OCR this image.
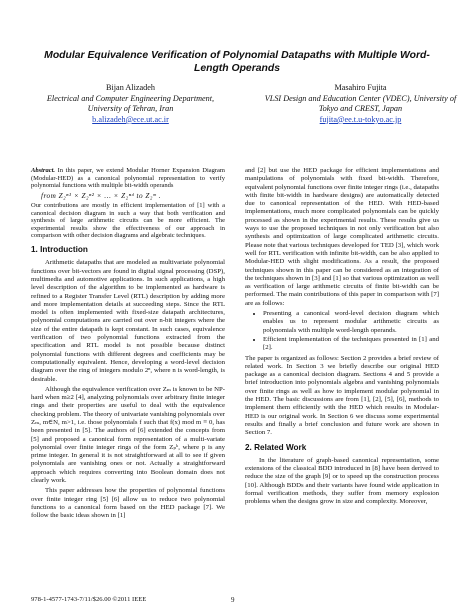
Modular Equivalence Verification of Polynomial Datapaths with Multiple Word-Length Operands
Bijan Alizadeh
Electrical and Computer Engineering Department, University of Tehran, Iran
b.alizadeh@ece.ut.ac.ir
Masahiro Fujita
VLSI Design and Education Center (VDEC), University of Tokyo and CREST, Japan
fujita@ee.t.u-tokyo.ac.jp

Abstract. In this paper, we extend Modular Horner Expansion Diagram (Modular-HED) as a canonical polynomial representation to verify polynomial functions with multiple bit-width operands

from Z₂ⁿ¹ × Z₂ⁿ² × … × Z₂ⁿᵈ to Z₂ᵐ .

Our contributions are mostly in efficient implementation of [1] with a canonical decision diagram in such a way that both verification and synthesis of large arithmetic circuits can be more efficient. The experimental results show the effectiveness of our approach in comparison with other decision diagrams and algebraic techniques.

1. Introduction

Arithmetic datapaths that are modeled as multivariate polynomial functions over bit-vectors are found in digital signal processing (DSP), multimedia and automotive applications. In such applications, a high level description of the algorithm to be implemented as hardware is refined to a Register Transfer Level (RTL) description by adding more and more implementation details at succeeding steps. Since the RTL model is often implemented with fixed-size datapath architectures, polynomial computations are carried out over n-bit integers where the size of the entire datapath is kept constant. In such cases, equivalence verification of two polynomial functions extracted from the specification and RTL model is not possible because distinct polynomial functions with different degrees and coefficients may be computationally equivalent. Hence, developing a word-level decision diagram over the ring of integers modulo 2ⁿ, where n is word-length, is desirable.

Although the equivalence verification over Zₘ is known to be NP-hard when m≥2 [4], analyzing polynomials over arbitrary finite integer rings and their properties are useful to deal with the equivalence checking problem. The theory of univariate vanishing polynomials over Zₘ, m∈N, m>1, i.e. those polynomials f such that f(x) mod m ≡ 0, has been presented in [5]. The authors of [6] extended the concepts from [5] and proposed a canonical form representation of a multi-variate polynomial over finite integer rings of the form Zₚᵏ, where p is any prime integer. In general it is not straightforward at all to see if given polynomials are vanishing ones or not. Actually a straightforward approach which requires converting into Boolean domain does not clearly work.

This paper addresses how the properties of polynomial functions over finite integer ring [5] [6] allow us to reduce two polynomial functions to a canonical form based on the HED package [7]. We follow the basic ideas shown in [1]

and [2] but use the HED package for efficient implementations and manipulations of polynomials with fixed bit-width. Therefore, equivalent polynomial functions over finite integer rings (i.e., datapaths with finite bit-width in hardware designs) are automatically detected due to canonical representation of the HED. With HED-based implementations, much more complicated polynomials can be quickly processed as shown in the experimental results. These results give us ways to use the proposed techniques in not only verification but also synthesis and optimization of large complicated arithmetic circuits. Please note that various techniques developed for TED [3], which work well for RTL verification with infinite bit-width, can be also applied to Modular-HED with slight modifications. As a result, the proposed techniques shown in this paper can be considered as an integration of the techniques shown in [3] and [1] so that various optimization as well as verification of large arithmetic circuits of finite bit-width can be performed. The main contributions of this paper in comparison with [7] are as follows:

• Presenting a canonical word-level decision diagram which enables us to represent modular arithmetic circuits as polynomials with multiple word-length operands.
• Efficient implementation of the techniques presented in [1] and [2].

The paper is organized as follows: Section 2 provides a brief review of related work. In Section 3 we briefly describe our original HED package as a canonical decision diagram. Sections 4 and 5 provide a brief introduction into polynomials algebra and vanishing polynomials over finite rings as well as how to implement modular polynomial in the HED. The basic discussions are from [1], [2], [5], [6], methods to implement them efficiently with the HED which results in Modular-HED is our original work. In Section 6 we discuss some experimental results and finally a brief conclusion and future work are shown in Section 7.

2. Related Work

In the literature of graph-based canonical representation, some extensions of the classical BDD introduced in [8] have been derived to reduce the size of the graph [9] or to speed up the construction process [10]. Although BDDs and their variants have found wide application in formal verification methods, they suffer from memory explosion problems when the designs grow in size and complexity. Moreover,

978-1-4577-1743-7/11/$26.00 ©2011 IEEE	9
